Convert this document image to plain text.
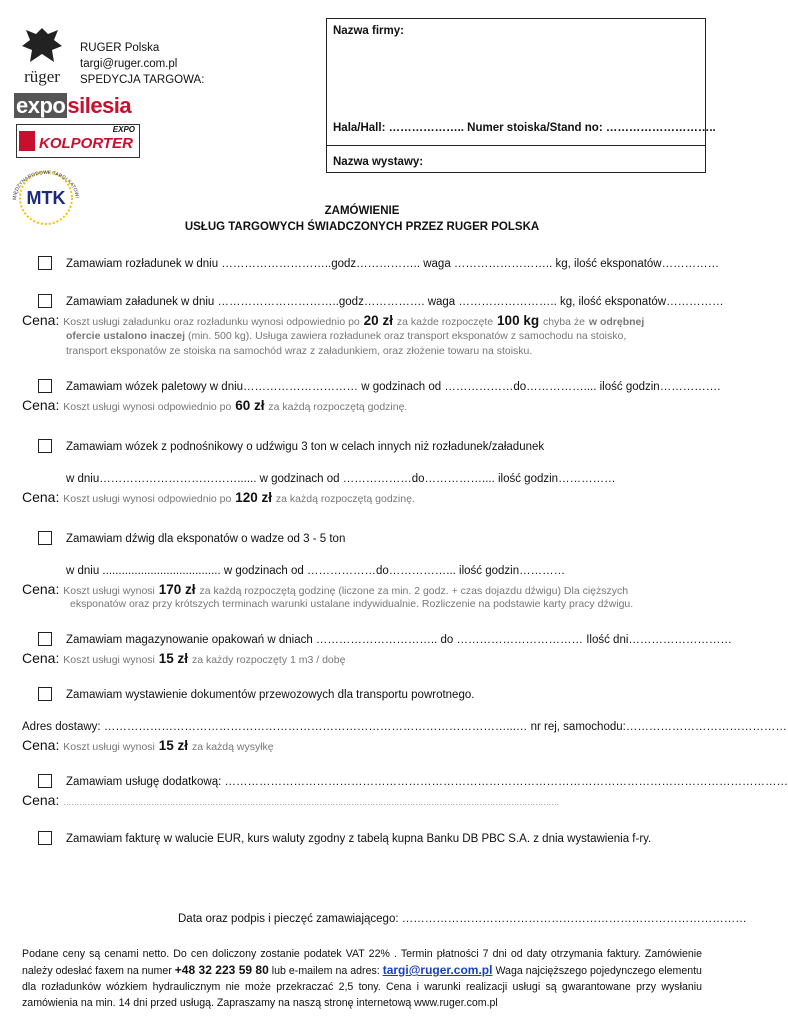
rüger
RUGER Polska
targi@ruger.com.pl
SPEDYCJA TARGOWA:
exposilesia
KOLPORTER
EXPO
MIĘDZYNARODOWE TARGI KATOWI
MTK
Nazwa firmy:
Hala/Hall: ……………….. Numer stoiska/Stand no: ………………………..
Nazwa wystawy:
ZAMÓWIENIE
USŁUG TARGOWYCH ŚWIADCZONYCH PRZEZ RUGER POLSKA
Zamawiam rozładunek w dniu ………………………..godz…………….. waga …………………….. kg, ilość eksponatów……………
Zamawiam załadunek w dniu …………………………..godz……………. waga …………………….. kg, ilość eksponatów……………
Cena: Koszt usługi załadunku oraz rozładunku wynosi odpowiednio po 20 zł za każde rozpoczęte 100 kg chyba że w odrębnej
ofercie ustalono inaczej (min. 500 kg). Usługa zawiera rozładunek oraz transport eksponatów z samochodu na stoisko,
transport eksponatów ze stoiska na samochód wraz z załadunkiem, oraz złożenie towaru na stoisku.
Zamawiam wózek paletowy w dniu………………………… w godzinach od ………………do…………….... ilość godzin…………….
Cena: Koszt usługi wynosi odpowiednio po 60 zł za każdą rozpoczętą godzinę.
Zamawiam wózek z podnośnikowy o udźwigu 3 ton w celach innych niż rozładunek/załadunek
w dniu………………………………...... w godzinach od ………………do…………….... ilość godzin……………
Cena: Koszt usługi wynosi odpowiednio po 120 zł za każdą rozpoczętą godzinę.
Zamawiam dźwig dla eksponatów o wadze od 3 - 5 ton
w dniu ..................................... w godzinach od ………………do……………... ilość godzin…………
Cena: Koszt usługi wynosi 170 zł za każdą rozpoczętą godzinę (liczone za min. 2 godz. + czas dojazdu dźwigu) Dla cięższych
eksponatów oraz przy krótszych terminach warunki ustalane indywidualnie. Rozliczenie na podstawie karty pracy dźwigu.
Zamawiam magazynowanie opakowań w dniach ………………………….. do …………………………… Ilość dni………………………
Cena: Koszt usługi wynosi 15 zł za każdy rozpoczęty 1 m3 / dobę
Zamawiam wystawienie dokumentów przewozowych dla transportu powrotnego.
Adres dostawy: ……………………………………………………………………………………………...… nr rej, samochodu:……………………………………
Cena: Koszt usługi wynosi 15 zł za każdą wysyłkę
Zamawiam usługę dodatkową: …………………………………………………………………………………………………………………………………
Cena: ……………………………………………………………………………………………………………………………………………………………………
Zamawiam fakturę w walucie EUR, kurs waluty zgodny z tabelą kupna Banku DB PBC S.A. z dnia wystawienia f-ry.
Data oraz podpis i pieczęć zamawiającego: ………………………………………………………………………………
Podane ceny są cenami netto. Do cen doliczony zostanie podatek VAT 22% . Termin płatności 7 dni od daty otrzymania faktury. Zamówienie należy odesłać faxem na numer +48 32 223 59 80 lub e-mailem na adres: targi@ruger.com.pl Waga najcięższego pojedynczego elementu dla rozładunków wózkiem hydraulicznym nie może przekraczać 2,5 tony. Cena i warunki realizacji usługi są gwarantowane przy wysłaniu zamówienia na min. 14 dni przed usługą. Zapraszamy na naszą stronę internetową www.ruger.com.pl
